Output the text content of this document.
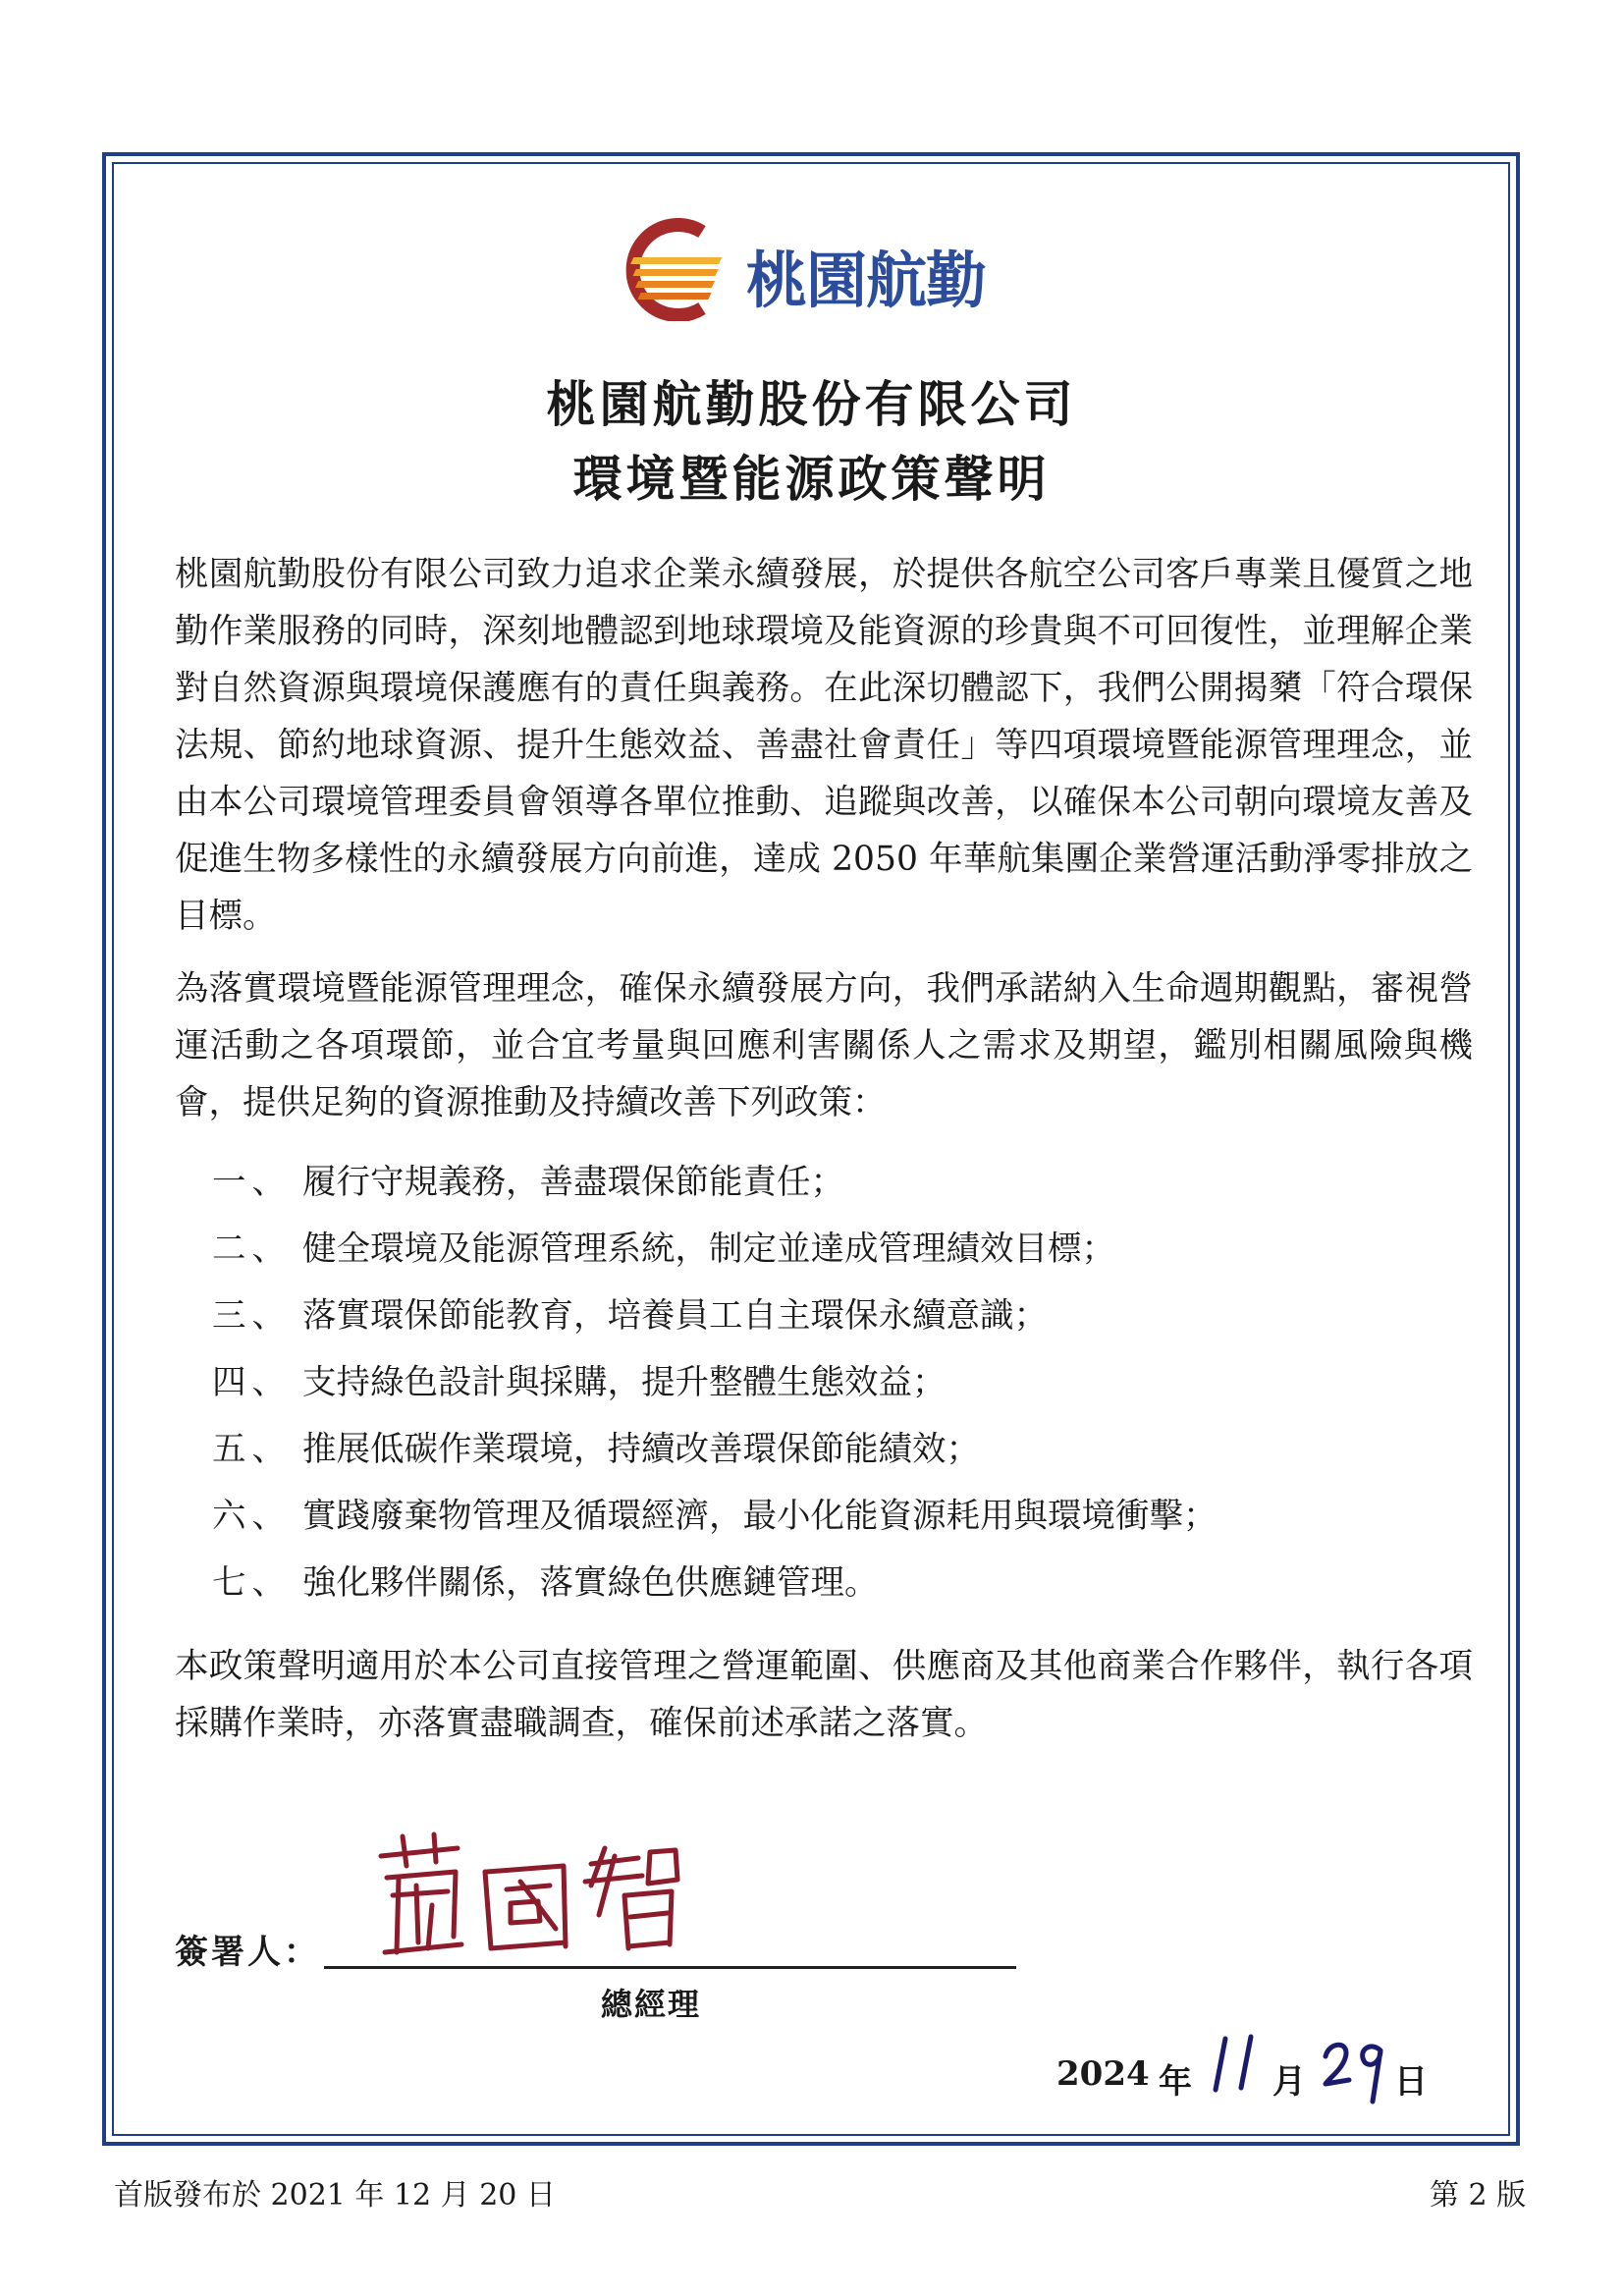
桃園航勤
桃園航勤股份有限公司
環境暨能源政策聲明

桃園航勤股份有限公司致力追求企業永續發展，於提供各航空公司客戶專業且優質之地勤作業服務的同時，深刻地體認到地球環境及能資源的珍貴與不可回復性，並理解企業對自然資源與環境保護應有的責任與義務。在此深切體認下，我們公開揭櫫「符合環保法規、節約地球資源、提升生態效益、善盡社會責任」等四項環境暨能源管理理念，並由本公司環境管理委員會領導各單位推動、追蹤與改善，以確保本公司朝向環境友善及促進生物多樣性的永續發展方向前進，達成 2050 年華航集團企業營運活動淨零排放之目標。

為落實環境暨能源管理理念，確保永續發展方向，我們承諾納入生命週期觀點，審視營運活動之各項環節，並合宜考量與回應利害關係人之需求及期望，鑑別相關風險與機會，提供足夠的資源推動及持續改善下列政策：

一、 履行守規義務，善盡環保節能責任；
二、 健全環境及能源管理系統，制定並達成管理績效目標；
三、 落實環保節能教育，培養員工自主環保永續意識；
四、 支持綠色設計與採購，提升整體生態效益；
五、 推展低碳作業環境，持續改善環保節能績效；
六、 實踐廢棄物管理及循環經濟，最小化能資源耗用與環境衝擊；
七、 強化夥伴關係，落實綠色供應鏈管理。

本政策聲明適用於本公司直接管理之營運範圍、供應商及其他商業合作夥伴，執行各項採購作業時，亦落實盡職調查，確保前述承諾之落實。

簽署人：
總經理
2024 年 月	日
首版發布於 2021 年 12 月 20 日	第 2 版
